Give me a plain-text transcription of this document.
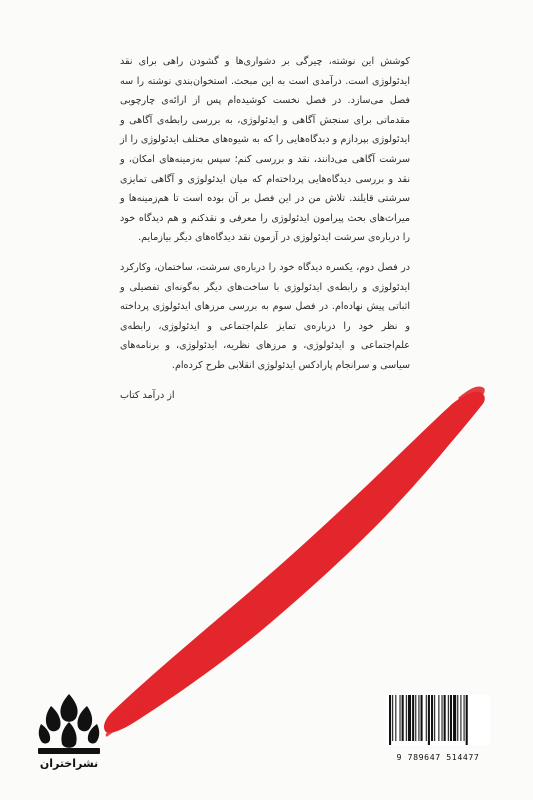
کوشش این نوشته، چیرگی بر دشواری‌ها و گشودن راهی برای نقد ایدئولوژی است. درآمدی است به این مبحث. استخوان‌بندی نوشته را سه فصل می‌سازد. در فصل نخست کوشیده‌ام پس از ارائه‌ی چارچوبی مقدماتی برای سنجش آگاهی و ایدئولوژی، به بررسی رابطه‌ی آگاهی و ایدئولوژی بپردازم و دیدگاه‌هایی را که به شیوه‌های مختلف ایدئولوژی را از سرشت آگاهی می‌دانند، نقد و بررسی کنم؛ سپس به‌زمینه‌های امکان، و نقد و بررسی دیدگاه‌هایی پرداخته‌ام که میان ایدئولوژی و آگاهی تمایزی سرشتی قایلند. تلاش من در این فصل بر آن بوده است تا هم‌زمینه‌ها و میراث‌های بحث پیرامون ایدئولوژی را معرفی و نقدکنم و هم دیدگاه خود را درباره‌ی سرشت ایدئولوژی در آزمون نقد دیدگاه‌های دیگر بیازمایم.

در فصل دوم، یکسره دیدگاه خود را درباره‌ی سرشت، ساختمان، وکارکرد ایدئولوژی و رابطه‌ی ایدئولوژی با ساخت‌های دیگر به‌گونه‌ای تفصیلی و اثباتی پیش نهاده‌ام. در فصل سوم به بررسی مرزهای ایدئولوژی پرداخته و نظر خود را درباره‌ی تمایز علم‌اجتماعی و ایدئولوژی، رابطه‌ی علم‌اجتماعی و ایدئولوژی، و مرزهای نظریه، ایدئولوژی، و برنامه‌های سیاسی و سرانجام پارادکس ایدئولوژی انقلابی طرح کرده‌ام.

از درآمد کتاب

نشراختران	9 789647 514477
